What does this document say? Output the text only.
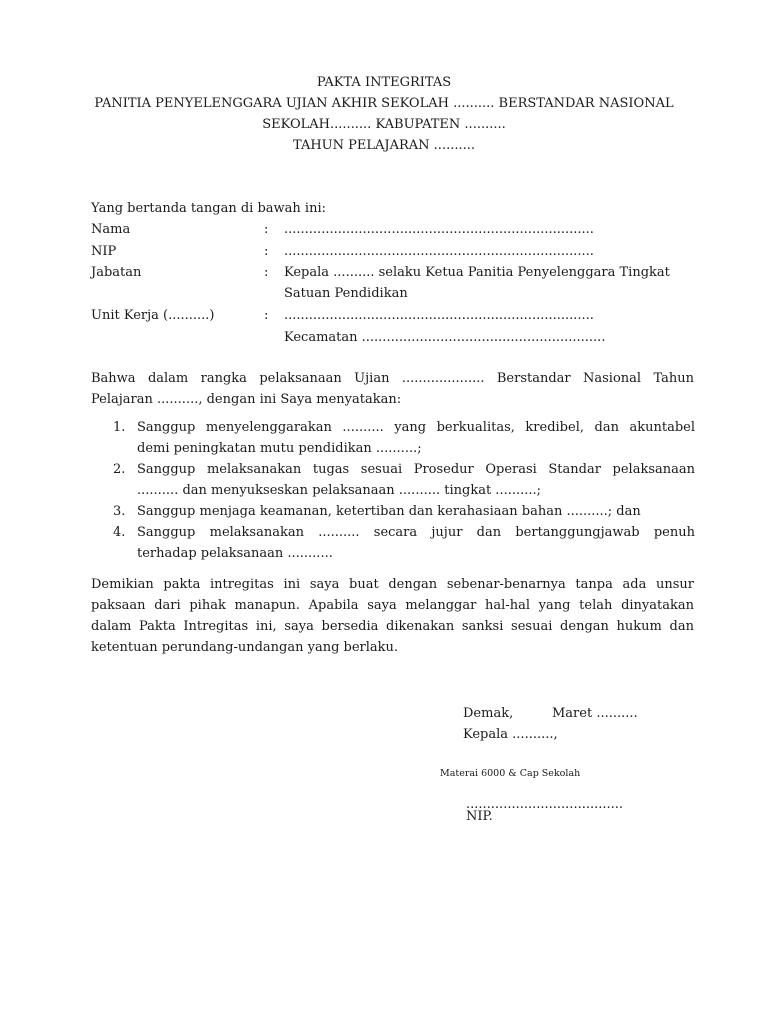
PAKTA INTEGRITAS
PANITIA PENYELENGGARA UJIAN AKHIR SEKOLAH .......... BERSTANDAR NASIONAL
SEKOLAH.......... KABUPATEN ..........
TAHUN PELAJARAN ..........
Yang bertanda tangan di bawah ini:
Nama	: ...........................................................................
NIP	: ...........................................................................
Jabatan	: Kepala .......... selaku Ketua Panitia Penyelenggara Tingkat
Satuan Pendidikan
Unit Kerja (..........)	: ...........................................................................
Kecamatan ...........................................................
Bahwa dalam rangka pelaksanaan Ujian .................... Berstandar Nasional Tahun
Pelajaran .........., dengan ini Saya menyatakan:
1. Sanggup menyelenggarakan .......... yang berkualitas, kredibel, dan akuntabel
demi peningkatan mutu pendidikan ..........;
2. Sanggup melaksanakan tugas sesuai Prosedur Operasi Standar pelaksanaan
.......... dan menyukseskan pelaksanaan .......... tingkat ..........;
3. Sanggup menjaga keamanan, ketertiban dan kerahasiaan bahan ..........; dan
4. Sanggup melaksanakan .......... secara jujur dan bertanggungjawab penuh
terhadap pelaksanaan ...........
Demikian pakta intregitas ini saya buat dengan sebenar-benarnya tanpa ada unsur
paksaan dari pihak manapun. Apabila saya melanggar hal-hal yang telah dinyatakan
dalam Pakta Intregitas ini, saya bersedia dikenakan sanksi sesuai dengan hukum dan
ketentuan perundang-undangan yang berlaku.
Demak,	Maret ..........
Kepala ..........,
Materai 6000 & Cap Sekolah
......................................
NIP.
